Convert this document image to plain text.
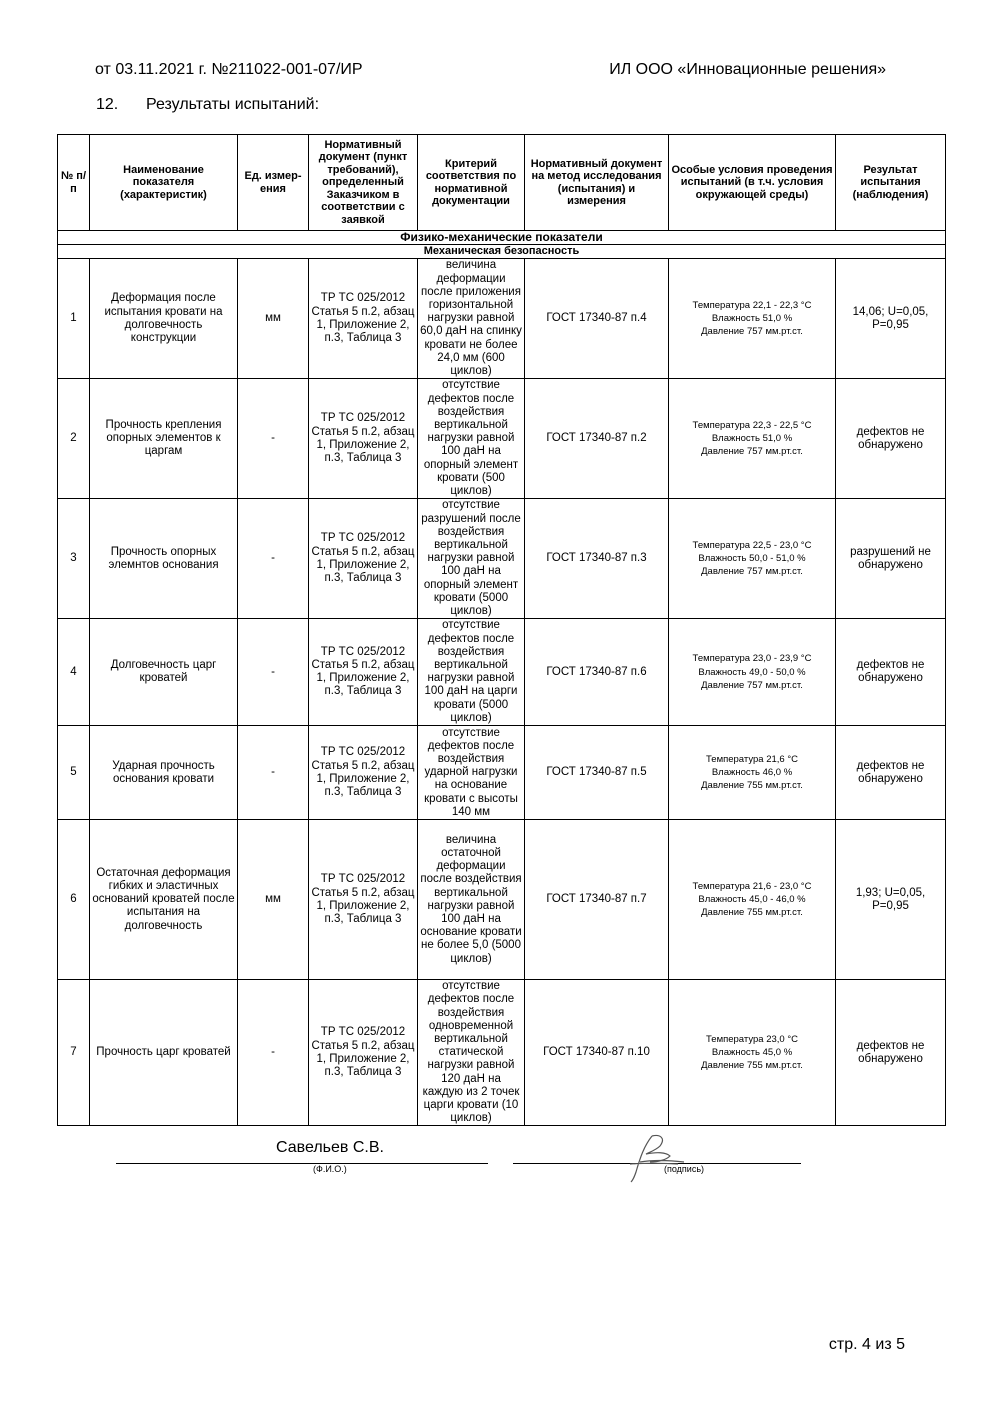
от 03.11.2021 г. №211022-001-07/ИР	ИЛ ООО «Инновационные решения»
12. Результаты испытаний:
№ п/п	Наименование показателя (характеристик)	Ед. измер-ения	Нормативный документ (пункт требований), определенный Заказчиком в соответствии с заявкой	Критерий соответствия по нормативной документации	Нормативный документ на метод исследования (испытания) и измерения	Особые условия проведения испытаний (в т.ч. условия окружающей среды)	Результат испытания (наблюдения)
Физико-механические показатели							
Механическая безопасность							
1	Деформация после испытания кровати на долговечность конструкции	мм	ТР ТС 025/2012 Статья 5 п.2, абзац 1, Приложение 2, п.3, Таблица 3	величина деформации после приложения горизонтальной нагрузки равной 60,0 даН на спинку кровати не более 24,0 мм (600 циклов)	ГОСТ 17340-87 п.4	Температура 22,1 - 22,3 °С
Влажность 51,0 %
Давление 757 мм.рт.ст.	14,06; U=0,05, P=0,95
2	Прочность крепления опорных элементов к царгам	-	ТР ТС 025/2012 Статья 5 п.2, абзац 1, Приложение 2, п.3, Таблица 3	отсутствие дефектов после воздействия вертикальной нагрузки равной 100 даН на опорный элемент кровати (500 циклов)	ГОСТ 17340-87 п.2	Температура 22,3 - 22,5 °С
Влажность 51,0 %
Давление 757 мм.рт.ст.	дефектов не обнаружено
3	Прочность опорных элемнтов основания	-	ТР ТС 025/2012 Статья 5 п.2, абзац 1, Приложение 2, п.3, Таблица 3	отсутствие разрушений после воздействия вертикальной нагрузки равной 100 даН на опорный элемент кровати (5000 циклов)	ГОСТ 17340-87 п.3	Температура 22,5 - 23,0 °С
Влажность 50,0 - 51,0 %
Давление 757 мм.рт.ст.	разрушений не обнаружено
4	Долговечность царг кроватей	-	ТР ТС 025/2012 Статья 5 п.2, абзац 1, Приложение 2, п.3, Таблица 3	отсутствие дефектов после воздействия вертикальной нагрузки равной 100 даН на царги кровати (5000 циклов)	ГОСТ 17340-87 п.6	Температура 23,0 - 23,9 °С
Влажность 49,0 - 50,0 %
Давление 757 мм.рт.ст.	дефектов не обнаружено
5	Ударная прочность основания кровати	-	ТР ТС 025/2012 Статья 5 п.2, абзац 1, Приложение 2, п.3, Таблица 3	отсутствие дефектов после воздействия ударной нагрузки на основание кровати с высоты 140 мм	ГОСТ 17340-87 п.5	Температура 21,6 °С
Влажность 46,0 %
Давление 755 мм.рт.ст.	дефектов не обнаружено
6	Остаточная деформация гибких и эластичных оснований кроватей после испытания на долговечность	мм	ТР ТС 025/2012 Статья 5 п.2, абзац 1, Приложение 2, п.3, Таблица 3	величина остаточной деформации после воздействия вертикальной нагрузки равной 100 даН на основание кровати не более 5,0 (5000 циклов)	ГОСТ 17340-87 п.7	Температура 21,6 - 23,0 °С
Влажность 45,0 - 46,0 %
Давление 755 мм.рт.ст.	1,93; U=0,05, P=0,95
7	Прочность царг кроватей	-	ТР ТС 025/2012 Статья 5 п.2, абзац 1, Приложение 2, п.3, Таблица 3	отсутствие дефектов после воздействия одновременной вертикальной статической нагрузки равной 120 даН на каждую из 2 точек царги кровати (10 циклов)	ГОСТ 17340-87 п.10	Температура 23,0 °С
Влажность 45,0 %
Давление 755 мм.рт.ст.	дефектов не обнаружено
Савельев С.В.
(Ф.И.О.)	(подпись)
стр. 4 из 5
